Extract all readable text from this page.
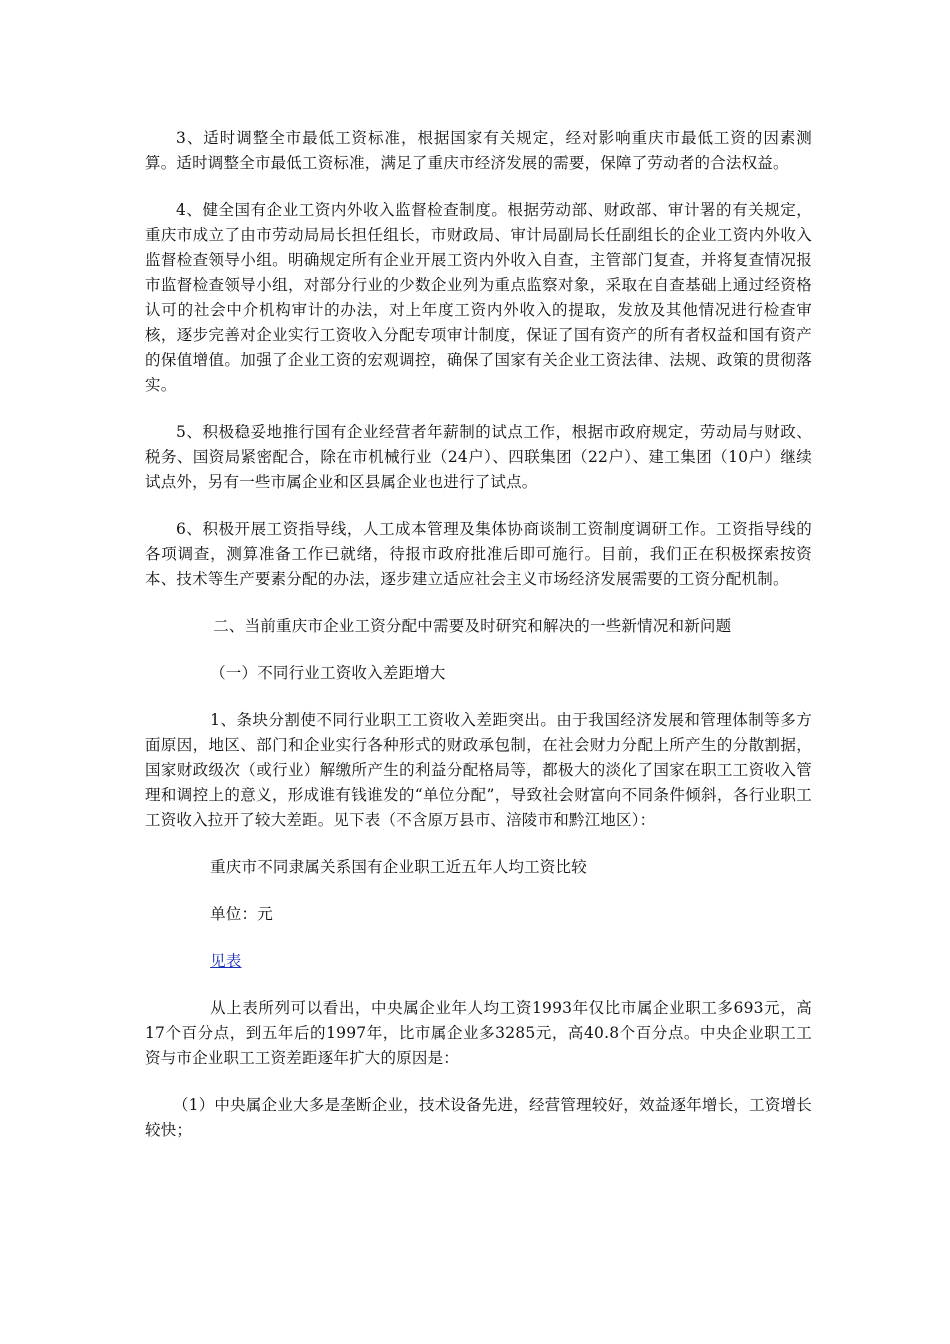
3、适时调整全市最低工资标准，根据国家有关规定，经对影响重庆市最低工资的因素测算。适时调整全市最低工资标准，满足了重庆市经济发展的需要，保障了劳动者的合法权益。

4、健全国有企业工资内外收入监督检查制度。根据劳动部、财政部、审计署的有关规定，重庆市成立了由市劳动局局长担任组长，市财政局、审计局副局长任副组长的企业工资内外收入监督检查领导小组。明确规定所有企业开展工资内外收入自查，主管部门复查，并将复查情况报市监督检查领导小组，对部分行业的少数企业列为重点监察对象，采取在自查基础上通过经资格认可的社会中介机构审计的办法，对上年度工资内外收入的提取，发放及其他情况进行检查审核，逐步完善对企业实行工资收入分配专项审计制度，保证了国有资产的所有者权益和国有资产的保值增值。加强了企业工资的宏观调控，确保了国家有关企业工资法律、法规、政策的贯彻落实。

5、积极稳妥地推行国有企业经营者年薪制的试点工作，根据市政府规定，劳动局与财政、税务、国资局紧密配合，除在市机械行业（24户）、四联集团（22户）、建工集团（10户）继续试点外，另有一些市属企业和区县属企业也进行了试点。

6、积极开展工资指导线，人工成本管理及集体协商谈制工资制度调研工作。工资指导线的各项调查，测算准备工作已就绪，待报市政府批准后即可施行。目前，我们正在积极探索按资本、技术等生产要素分配的办法，逐步建立适应社会主义市场经济发展需要的工资分配机制。

二、当前重庆市企业工资分配中需要及时研究和解决的一些新情况和新问题

（一）不同行业工资收入差距增大

1、条块分割使不同行业职工工资收入差距突出。由于我国经济发展和管理体制等多方面原因，地区、部门和企业实行各种形式的财政承包制，在社会财力分配上所产生的分散割据，国家财政级次（或行业）解缴所产生的利益分配格局等，都极大的淡化了国家在职工工资收入管理和调控上的意义，形成谁有钱谁发的“单位分配”，导致社会财富向不同条件倾斜，各行业职工工资收入拉开了较大差距。见下表（不含原万县市、涪陵市和黔江地区）：

重庆市不同隶属关系国有企业职工近五年人均工资比较

单位：元

见表

从上表所列可以看出，中央属企业年人均工资1993年仅比市属企业职工多693元，高17个百分点，到五年后的1997年，比市属企业多3285元，高40.8个百分点。中央企业职工工资与市企业职工工资差距逐年扩大的原因是：

（1）中央属企业大多是垄断企业，技术设备先进，经营管理较好，效益逐年增长，工资增长较快；
